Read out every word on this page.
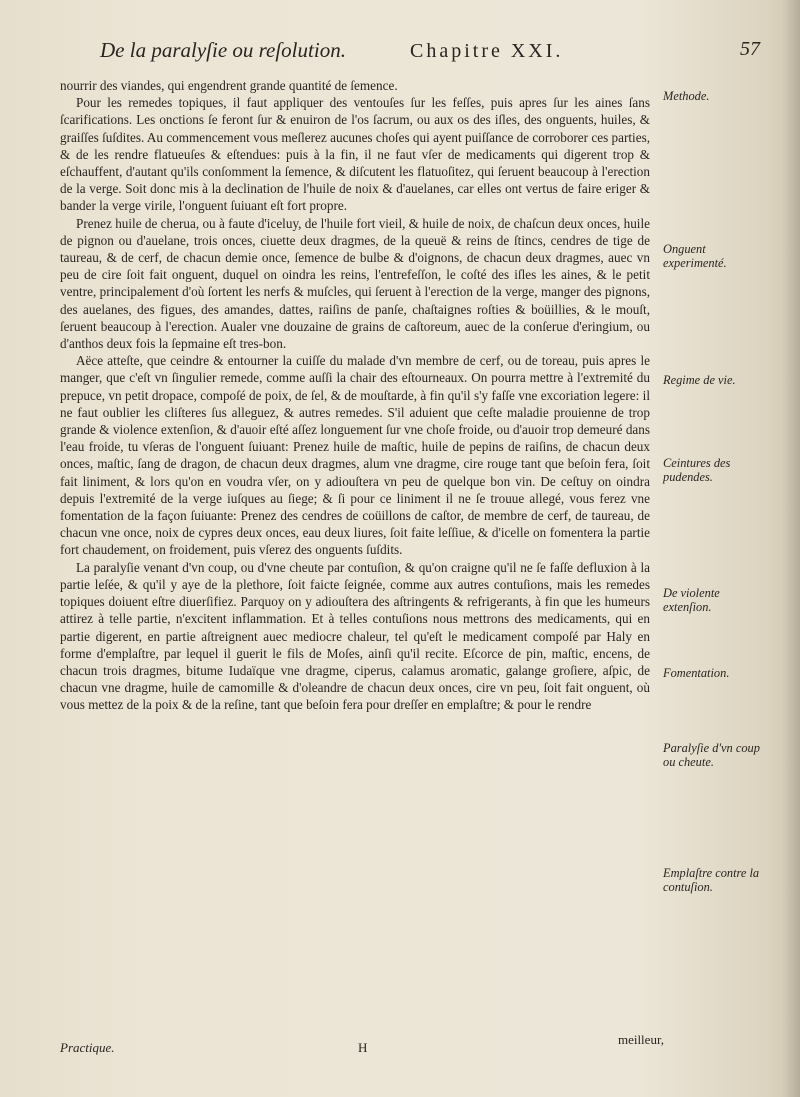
De la paralyſie ou reſolution.	Chapitre XXI.	57

nourrir des viandes, qui engendrent grande quantité de ſemence.

Pour les remedes topiques, il faut appliquer des ventouſes ſur les feſſes, puis apres ſur les aines ſans ſcarifications. Les onctions ſe feront ſur & enuiron de l'os ſacrum, ou aux os des iſles, des onguents, huiles, & graiſſes ſuſdites. Au commencement vous meſlerez aucunes choſes qui ayent puiſſance de corroborer ces parties, & de les rendre flatueuſes & eſtendues: puis à la fin, il ne faut vſer de medicaments qui digerent trop & eſchauffent, d'autant qu'ils conſomment la ſemence, & diſcutent les flatuoſitez, qui ſeruent beaucoup à l'erection de la verge. Soit donc mis à la declination de l'huile de noix & d'auelanes, car elles ont vertus de faire eriger & bander la verge virile, l'onguent ſuiuant eſt fort propre.

Prenez huile de cherua, ou à faute d'iceluy, de l'huile fort vieil, & huile de noix, de chaſcun deux onces, huile de pignon ou d'auelane, trois onces, ciuette deux dragmes, de la queuë & reins de ſtincs, cendres de tige de taureau, & de cerf, de chacun demie once, ſemence de bulbe & d'oignons, de chacun deux dragmes, auec vn peu de cire ſoit fait onguent, duquel on oindra les reins, l'entrefeſſon, le coſté des iſles les aines, & le petit ventre, principalement d'où ſortent les nerfs & muſcles, qui ſeruent à l'erection de la verge, manger des pignons, des auelanes, des figues, des amandes, dattes, raiſins de panſe, chaſtaignes roſties & boüillies, & le mouſt, ſeruent beaucoup à l'erection. Aualer vne douzaine de grains de caſtoreum, auec de la conſerue d'eringium, ou d'anthos deux fois la ſepmaine eſt tres-bon.

Aëce atteſte, que ceindre & entourner la cuiſſe du malade d'vn membre de cerf, ou de toreau, puis apres le manger, que c'eſt vn ſingulier remede, comme auſſi la chair des eſtourneaux. On pourra mettre à l'extremité du prepuce, vn petit dropace, compoſé de poix, de ſel, & de mouſtarde, à fin qu'il s'y faſſe vne excoriation legere: il ne faut oublier les cliſteres ſus alleguez, & autres remedes. S'il aduient que ceſte maladie prouienne de trop grande & violence extenſion, & d'auoir eſté aſſez longuement ſur vne choſe froide, ou d'auoir trop demeuré dans l'eau froide, tu vſeras de l'onguent ſuiuant: Prenez huile de maſtic, huile de pepins de raiſins, de chacun deux onces, maſtic, ſang de dragon, de chacun deux dragmes, alum vne dragme, cire rouge tant que beſoin fera, ſoit fait liniment, & lors qu'on en voudra vſer, on y adiouſtera vn peu de quelque bon vin. De ceſtuy on oindra depuis l'extremité de la verge iuſques au ſiege; & ſi pour ce liniment il ne ſe trouue allegé, vous ferez vne fomentation de la façon ſuiuante: Prenez des cendres de coüillons de caſtor, de membre de cerf, de taureau, de chacun vne once, noix de cypres deux onces, eau deux liures, ſoit faite leſſiue, & d'icelle on fomentera la partie fort chaudement, on froidement, puis vſerez des onguents ſuſdits.

La paralyſie venant d'vn coup, ou d'vne cheute par contuſion, & qu'on craigne qu'il ne ſe faſſe defluxion à la partie leſée, & qu'il y aye de la plethore, ſoit faicte ſeignée, comme aux autres contuſions, mais les remedes topiques doiuent eſtre diuerſifiez. Parquoy on y adiouſtera des aſtringents & refrigerants, à fin que les humeurs attirez à telle partie, n'excitent inflammation. Et à telles contuſions nous mettrons des medicaments, qui en partie digerent, en partie aſtreignent auec mediocre chaleur, tel qu'eſt le medicament compoſé par Haly en forme d'emplaſtre, par lequel il guerit le fils de Moſes, ainſi qu'il recite. Eſcorce de pin, maſtic, encens, de chacun trois dragmes, bitume Iudaïque vne dragme, ciperus, calamus aromatic, galange groſiere, aſpic, de chacun vne dragme, huile de camomille & d'oleandre de chacun deux onces, cire vn peu, ſoit fait onguent, où vous mettez de la poix & de la reſine, tant que beſoin fera pour dreſſer en emplaſtre; & pour le rendre

Methode.
Onguent experimenté.
Regime de vie.
Ceintures des pudendes.
De violente extenſion.
Fomentation.
Paralyſie d'vn coup ou cheute.
Emplaſtre contre la contuſion.
Practique.	H
meilleur,
